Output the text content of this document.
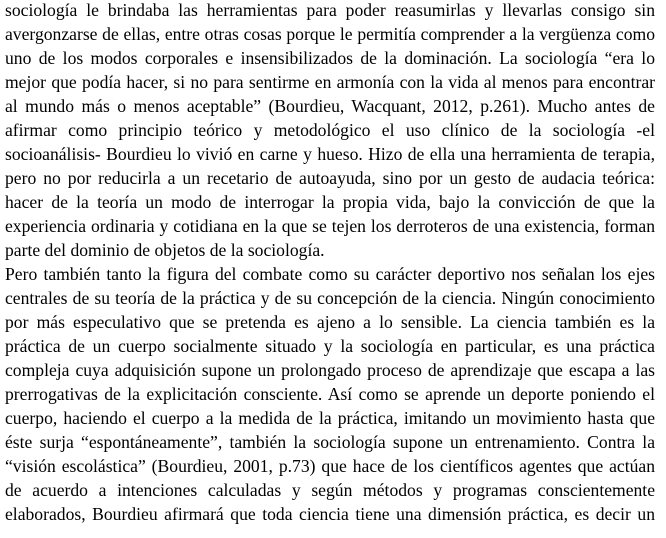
sociología le brindaba las herramientas para poder reasumirlas y llevarlas consigo sin
avergonzarse de ellas, entre otras cosas porque le permitía comprender a la vergüenza como
uno de los modos corporales e insensibilizados de la dominación. La sociología “era lo
mejor que podía hacer, si no para sentirme en armonía con la vida al menos para encontrar
al mundo más o menos aceptable” (Bourdieu, Wacquant, 2012, p.261). Mucho antes de
afirmar como principio teórico y metodológico el uso clínico de la sociología -el
socioanálisis- Bourdieu lo vivió en carne y hueso. Hizo de ella una herramienta de terapia,
pero no por reducirla a un recetario de autoayuda, sino por un gesto de audacia teórica:
hacer de la teoría un modo de interrogar la propia vida, bajo la convicción de que la
experiencia ordinaria y cotidiana en la que se tejen los derroteros de una existencia, forman
parte del dominio de objetos de la sociología.
Pero también tanto la figura del combate como su carácter deportivo nos señalan los ejes
centrales de su teoría de la práctica y de su concepción de la ciencia. Ningún conocimiento
por más especulativo que se pretenda es ajeno a lo sensible. La ciencia también es la
práctica de un cuerpo socialmente situado y la sociología en particular, es una práctica
compleja cuya adquisición supone un prolongado proceso de aprendizaje que escapa a las
prerrogativas de la explicitación consciente. Así como se aprende un deporte poniendo el
cuerpo, haciendo el cuerpo a la medida de la práctica, imitando un movimiento hasta que
éste surja “espontáneamente”, también la sociología supone un entrenamiento. Contra la
“visión escolástica” (Bourdieu, 2001, p.73) que hace de los científicos agentes que actúan
de acuerdo a intenciones calculadas y según métodos y programas conscientemente
elaborados, Bourdieu afirmará que toda ciencia tiene una dimensión práctica, es decir un
